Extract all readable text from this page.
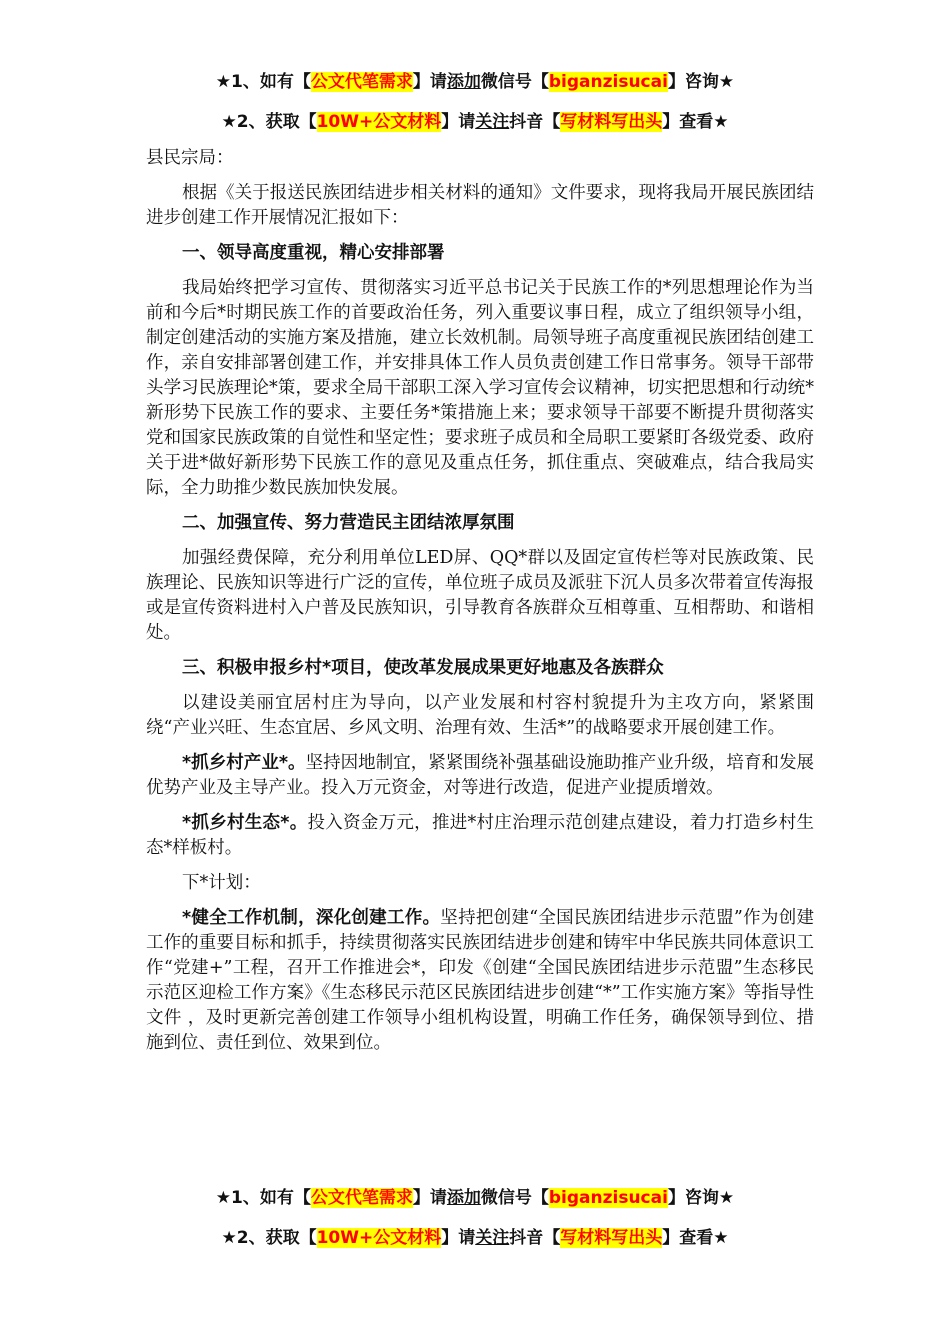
★1、如有【公文代笔需求】请添加微信号【biganzisucai】咨询★
★2、获取【10W+公文材料】请关注抖音【写材料写出头】查看★

县民宗局：

根据《关于报送民族团结进步相关材料的通知》文件要求，现将我局开展民族团结进步创建工作开展情况汇报如下：

一、领导高度重视，精心安排部署

我局始终把学习宣传、贯彻落实习近平总书记关于民族工作的*列思想理论作为当前和今后*时期民族工作的首要政治任务，列入重要议事日程，成立了组织领导小组，制定创建活动的实施方案及措施，建立长效机制。局领导班子高度重视民族团结创建工作，亲自安排部署创建工作，并安排具体工作人员负责创建工作日常事务。领导干部带头学习民族理论*策，要求全局干部职工深入学习宣传会议精神，切实把思想和行动统*新形势下民族工作的要求、主要任务*策措施上来；要求领导干部要不断提升贯彻落实党和国家民族政策的自觉性和坚定性；要求班子成员和全局职工要紧盯各级党委、政府关于进*做好新形势下民族工作的意见及重点任务，抓住重点、突破难点，结合我局实际，全力助推少数民族加快发展。

二、加强宣传、努力营造民主团结浓厚氛围

加强经费保障，充分利用单位LED屏、QQ*群以及固定宣传栏等对民族政策、民族理论、民族知识等进行广泛的宣传，单位班子成员及派驻下沉人员多次带着宣传海报或是宣传资料进村入户普及民族知识，引导教育各族群众互相尊重、互相帮助、和谐相处。

三、积极申报乡村*项目，使改革发展成果更好地惠及各族群众

以建设美丽宜居村庄为导向，以产业发展和村容村貌提升为主攻方向，紧紧围绕“产业兴旺、生态宜居、乡风文明、治理有效、生活*”的战略要求开展创建工作。

*抓乡村产业*。坚持因地制宜，紧紧围绕补强基础设施助推产业升级，培育和发展优势产业及主导产业。投入万元资金，对等进行改造，促进产业提质增效。

*抓乡村生态*。投入资金万元，推进*村庄治理示范创建点建设，着力打造乡村生态*样板村。

下*计划：

*健全工作机制，深化创建工作。坚持把创建“全国民族团结进步示范盟”作为创建工作的重要目标和抓手，持续贯彻落实民族团结进步创建和铸牢中华民族共同体意识工作“党建+”工程，召开工作推进会*，印发《创建“全国民族团结进步示范盟”生态移民示范区迎检工作方案》《生态移民示范区民族团结进步创建“*”工作实施方案》等指导性文件 ，及时更新完善创建工作领导小组机构设置，明确工作任务，确保领导到位、措施到位、责任到位、效果到位。

★1、如有【公文代笔需求】请添加微信号【biganzisucai】咨询★
★2、获取【10W+公文材料】请关注抖音【写材料写出头】查看★
